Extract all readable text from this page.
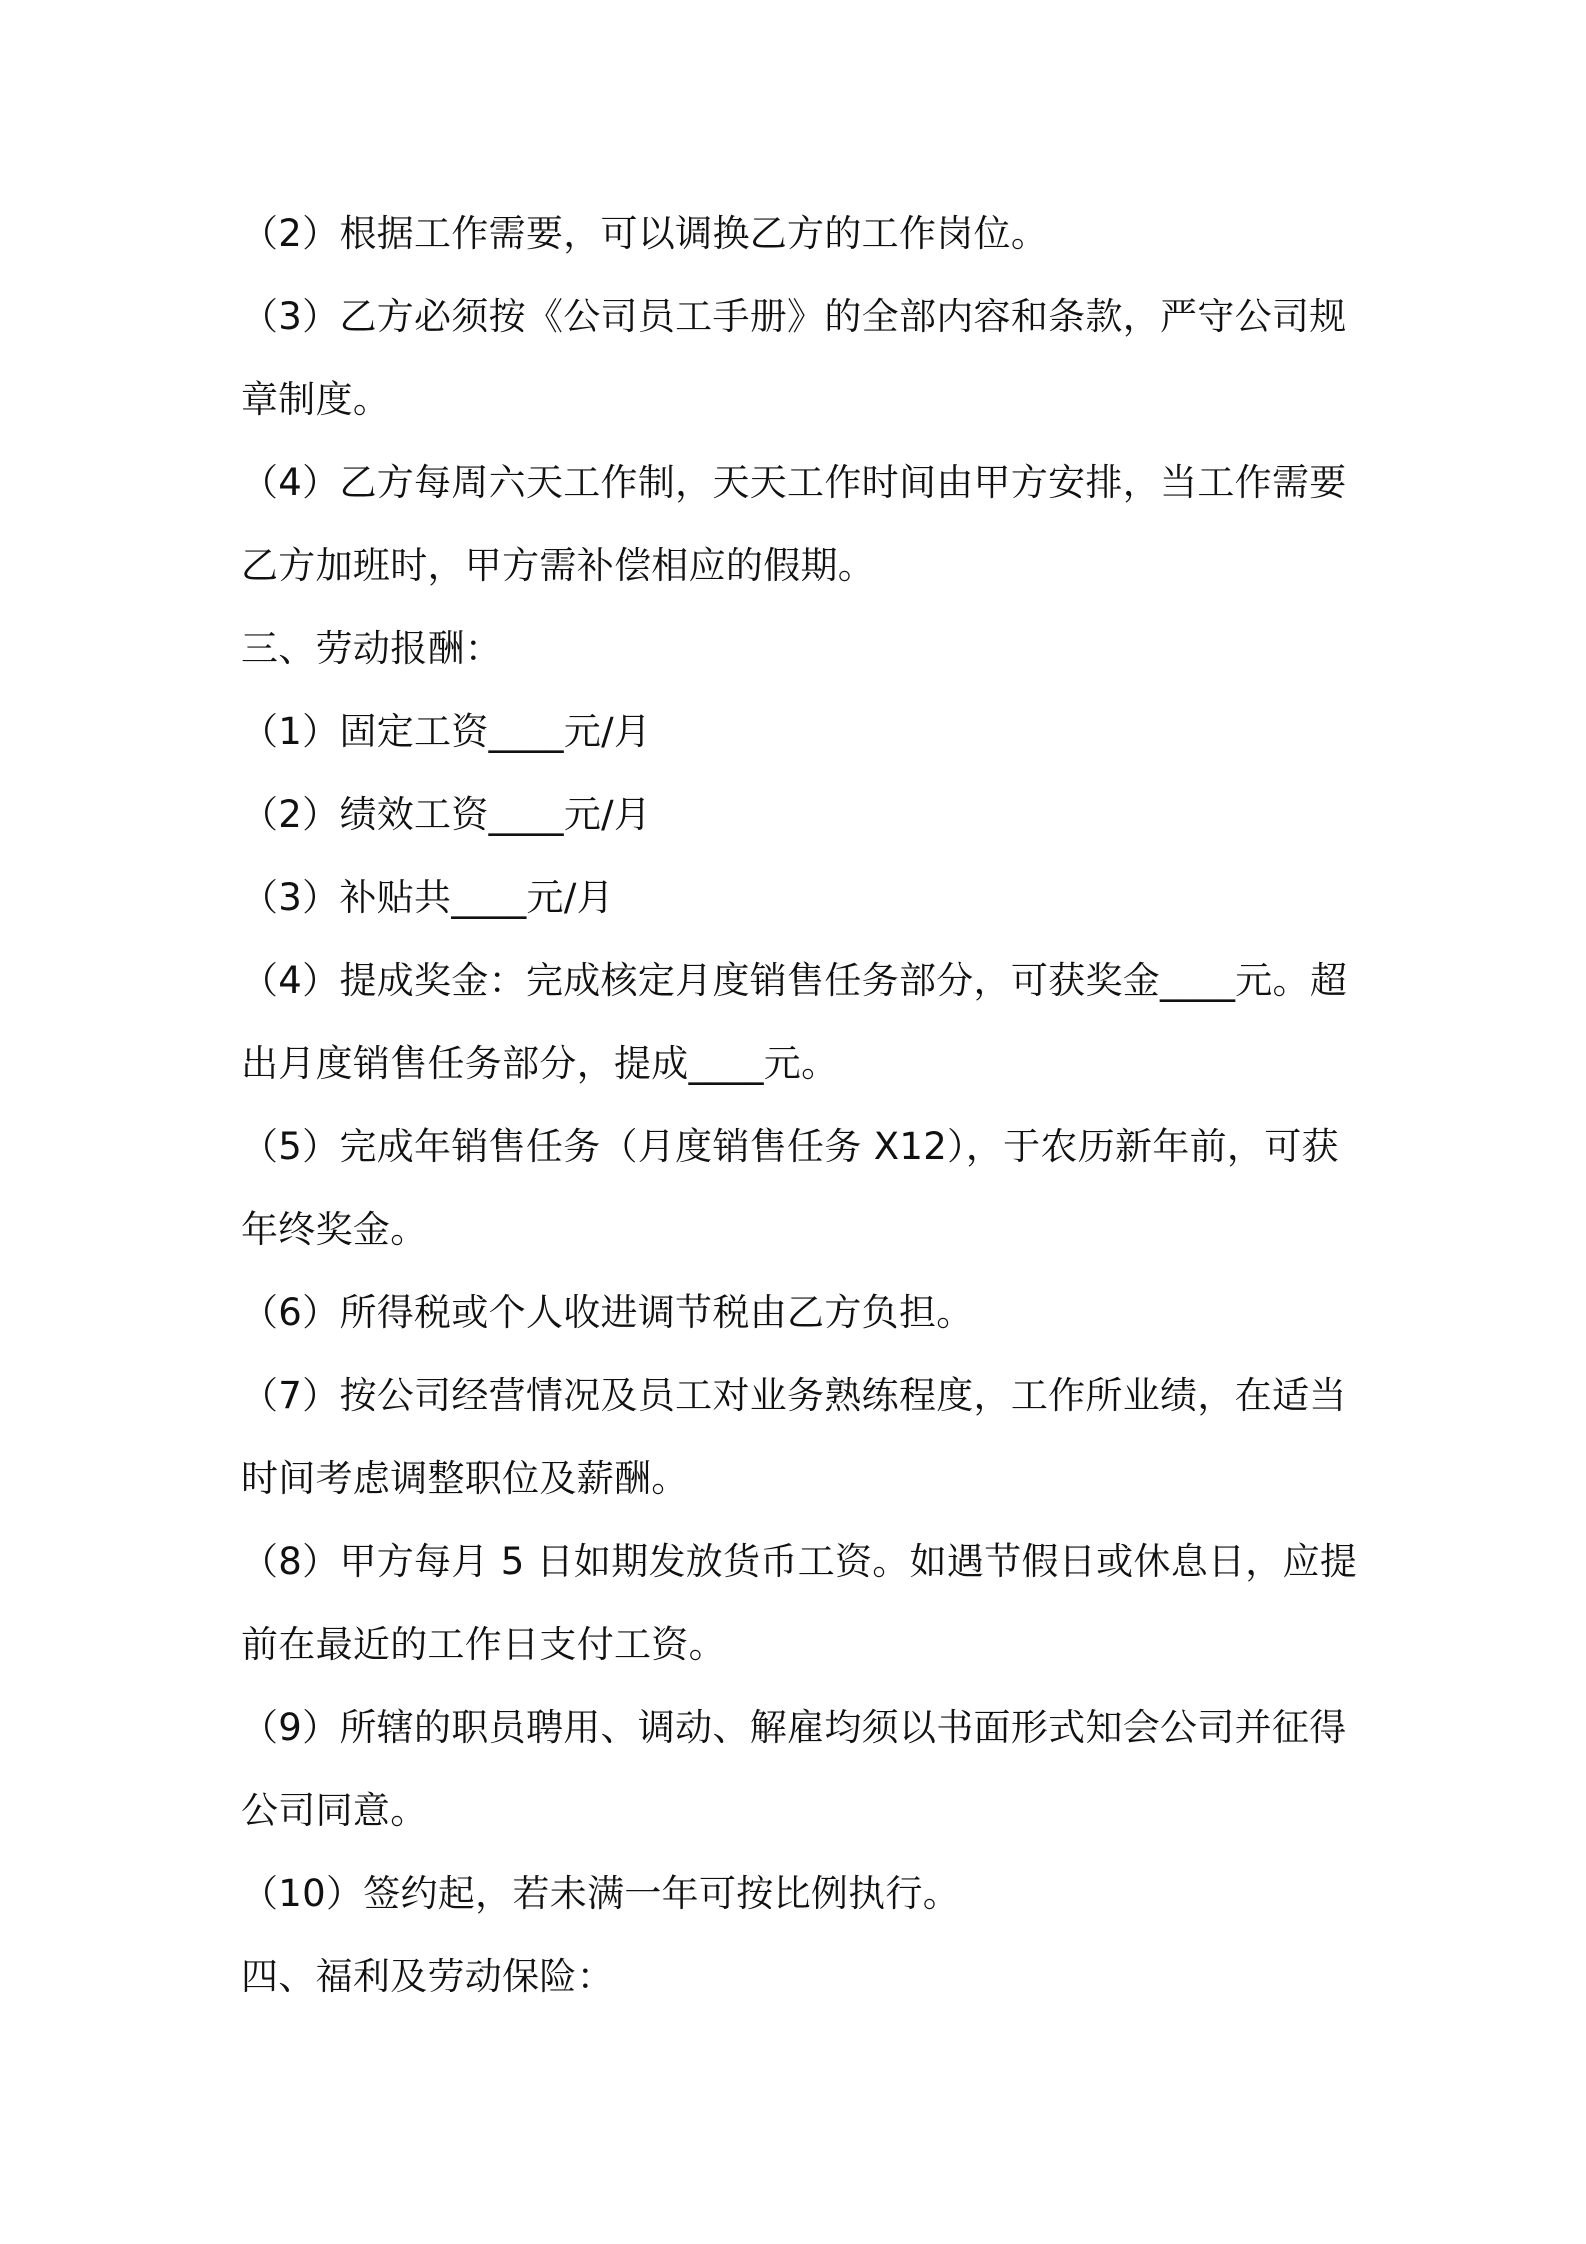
（2）根据工作需要，可以调换乙方的工作岗位。

（3）乙方必须按《公司员工手册》的全部内容和条款，严守公司规章制度。

（4）乙方每周六天工作制，天天工作时间由甲方安排，当工作需要乙方加班时，甲方需补偿相应的假期。

三、劳动报酬：

（1）固定工资____元/月

（2）绩效工资____元/月

（3）补贴共____元/月

（4）提成奖金：完成核定月度销售任务部分，可获奖金____元。超出月度销售任务部分，提成____元。

（5）完成年销售任务（月度销售任务 X12），于农历新年前，可获年终奖金。

（6）所得税或个人收进调节税由乙方负担。

（7）按公司经营情况及员工对业务熟练程度，工作所业绩，在适当时间考虑调整职位及薪酬。

（8）甲方每月 5 日如期发放货币工资。如遇节假日或休息日，应提前在最近的工作日支付工资。

（9）所辖的职员聘用、调动、解雇均须以书面形式知会公司并征得公司同意。

（10）签约起，若未满一年可按比例执行。

四、福利及劳动保险：
